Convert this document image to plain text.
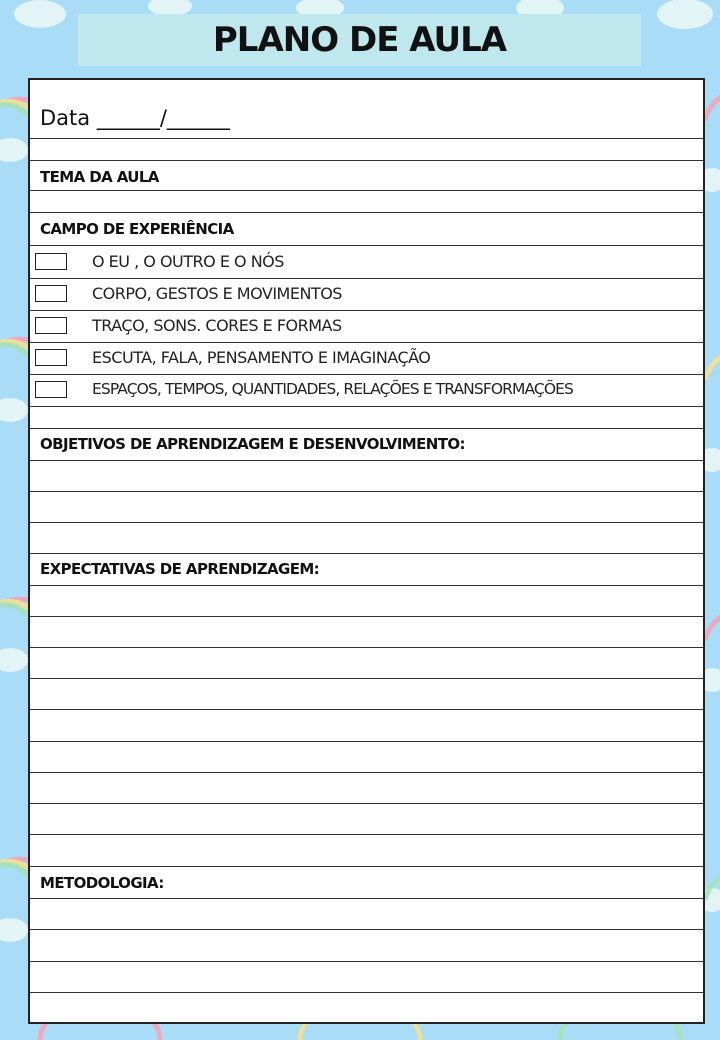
PLANO DE AULA
Data ______/______
TEMA DA AULA
CAMPO DE EXPERIÊNCIA
O EU , O OUTRO E O NÓS
CORPO, GESTOS E MOVIMENTOS
TRAÇO, SONS. CORES E FORMAS
ESCUTA, FALA, PENSAMENTO E IMAGINAÇÃO
ESPAÇOS, TEMPOS, QUANTIDADES, RELAÇÕES E TRANSFORMAÇÕES
OBJETIVOS DE APRENDIZAGEM E DESENVOLVIMENTO:
EXPECTATIVAS DE APRENDIZAGEM:
METODOLOGIA:
